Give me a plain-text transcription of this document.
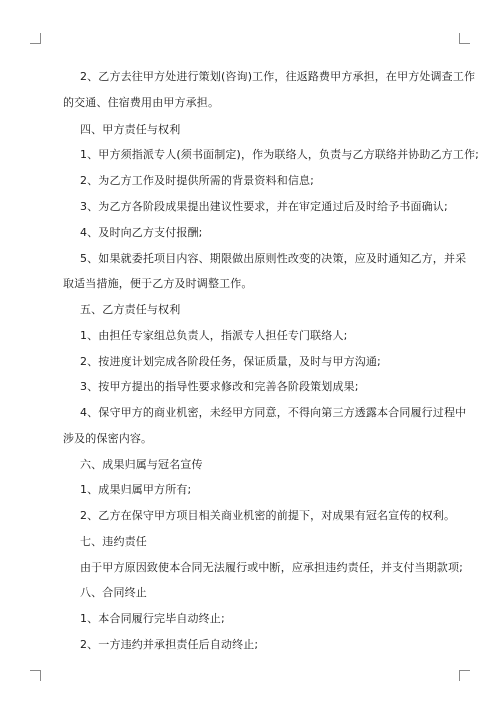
2、乙方去往甲方处进行策划(咨询)工作，往返路费甲方承担，在甲方处调查工作
的交通、住宿费用由甲方承担。
四、甲方责任与权利
1、甲方须指派专人(须书面制定)，作为联络人，负责与乙方联络并协助乙方工作;
2、为乙方工作及时提供所需的背景资料和信息;
3、为乙方各阶段成果提出建议性要求，并在审定通过后及时给予书面确认;
4、及时向乙方支付报酬;
5、如果就委托项目内容、期限做出原则性改变的决策，应及时通知乙方，并采
取适当措施，便于乙方及时调整工作。
五、乙方责任与权利
1、由担任专家组总负责人，指派专人担任专门联络人;
2、按进度计划完成各阶段任务，保证质量，及时与甲方沟通;
3、按甲方提出的指导性要求修改和完善各阶段策划成果;
4、保守甲方的商业机密，未经甲方同意，不得向第三方透露本合同履行过程中
涉及的保密内容。
六、成果归属与冠名宣传
1、成果归属甲方所有;
2、乙方在保守甲方项目相关商业机密的前提下，对成果有冠名宣传的权利。
七、违约责任
由于甲方原因致使本合同无法履行或中断，应承担违约责任，并支付当期款项;
八、合同终止
1、本合同履行完毕自动终止;
2、一方违约并承担责任后自动终止;
